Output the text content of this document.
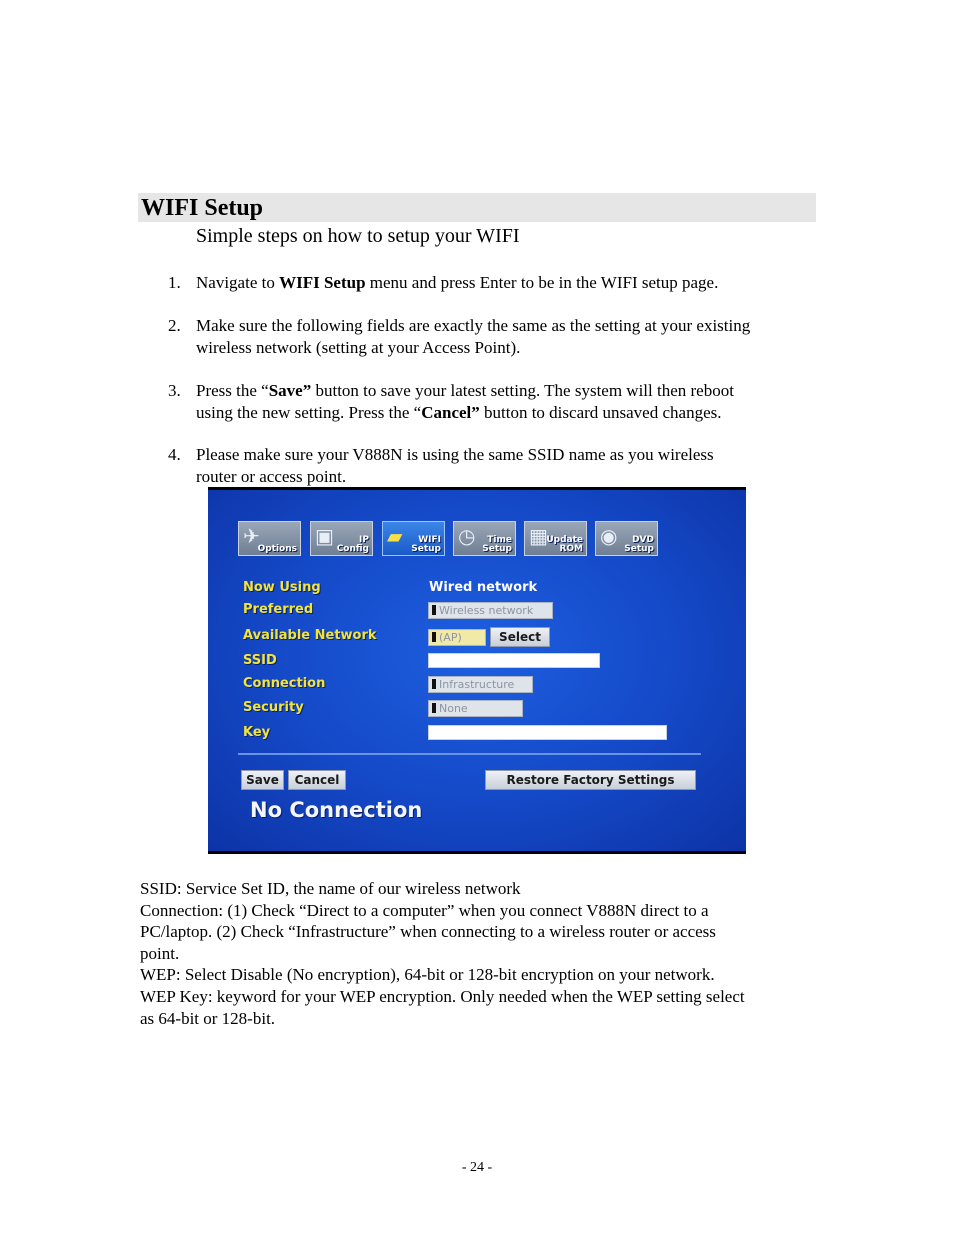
WIFI Setup
Simple steps on how to setup your WIFI
1. Navigate to WIFI Setup menu and press Enter to be in the WIFI setup page.
2. Make sure the following fields are exactly the same as the setting at your existing
wireless network (setting at your Access Point).
3. Press the “Save” button to save your latest setting. The system will then reboot
using the new setting. Press the “Cancel” button to discard unsaved changes.
4. Please make sure your V888N is using the same SSID name as you wireless
router or access point.
✈
Options
▣	IP
Config
▰	WIFI
Setup
◷	Time
Setup
▦
Update
ROM
◉	DVD
Setup
Now Using	Wired network
Preferred	Wireless network
Available Network	(AP)	Select
SSID
Connection	Infrastructure
Security	None
Key
Save	Cancel	Restore Factory Settings
No Connection

SSID: Service Set ID, the name of our wireless network

Connection: (1) Check “Direct to a computer” when you connect V888N direct to a

PC/laptop. (2) Check “Infrastructure” when connecting to a wireless router or access

point.

WEP: Select Disable (No encryption), 64-bit or 128-bit encryption on your network.

WEP Key: keyword for your WEP encryption. Only needed when the WEP setting select

as 64-bit or 128-bit.

- 24 -
